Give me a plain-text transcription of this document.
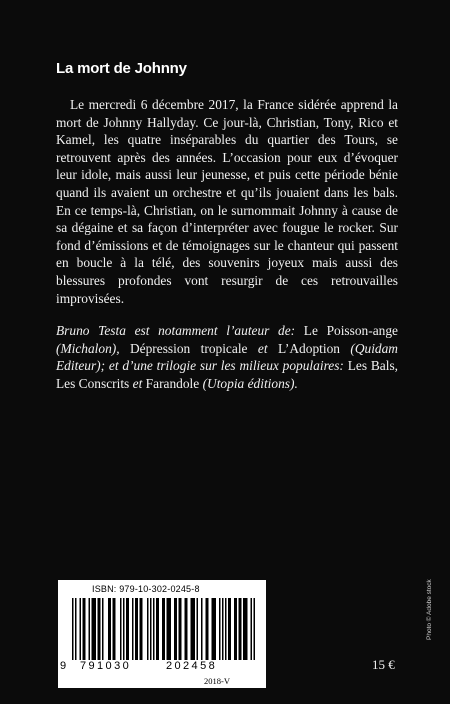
La mort de Johnny

Le mercredi 6 décembre 2017, la France sidérée apprend la mort de Johnny Hallyday. Ce jour-là, Christian, Tony, Rico et Kamel, les quatre inséparables du quartier des Tours, se retrouvent après des années. L’occasion pour eux d’évoquer leur idole, mais aussi leur jeunesse, et puis cette période bénie quand ils avaient un orchestre et qu’ils jouaient dans les bals. En ce temps-là, Christian, on le surnommait Johnny à cause de sa dégaine et sa façon d’interpréter avec fougue le rocker. Sur fond d’émissions et de témoignages sur le chanteur qui passent en boucle à la télé, des souvenirs joyeux mais aussi des blessures profondes vont resurgir de ces retrouvailles improvisées.

Bruno Testa est notamment l’auteur de: Le Poisson-ange (Michalon), Dépression tropicale et L’Adoption (Quidam Editeur); et d’une trilogie sur les milieux populaires: Les Bals, Les Conscrits et Farandole (Utopia éditions).

ISBN: 979-10-302-0245-8
9 791030	202458
2018-V
15 €
Photo © Adobe stock
